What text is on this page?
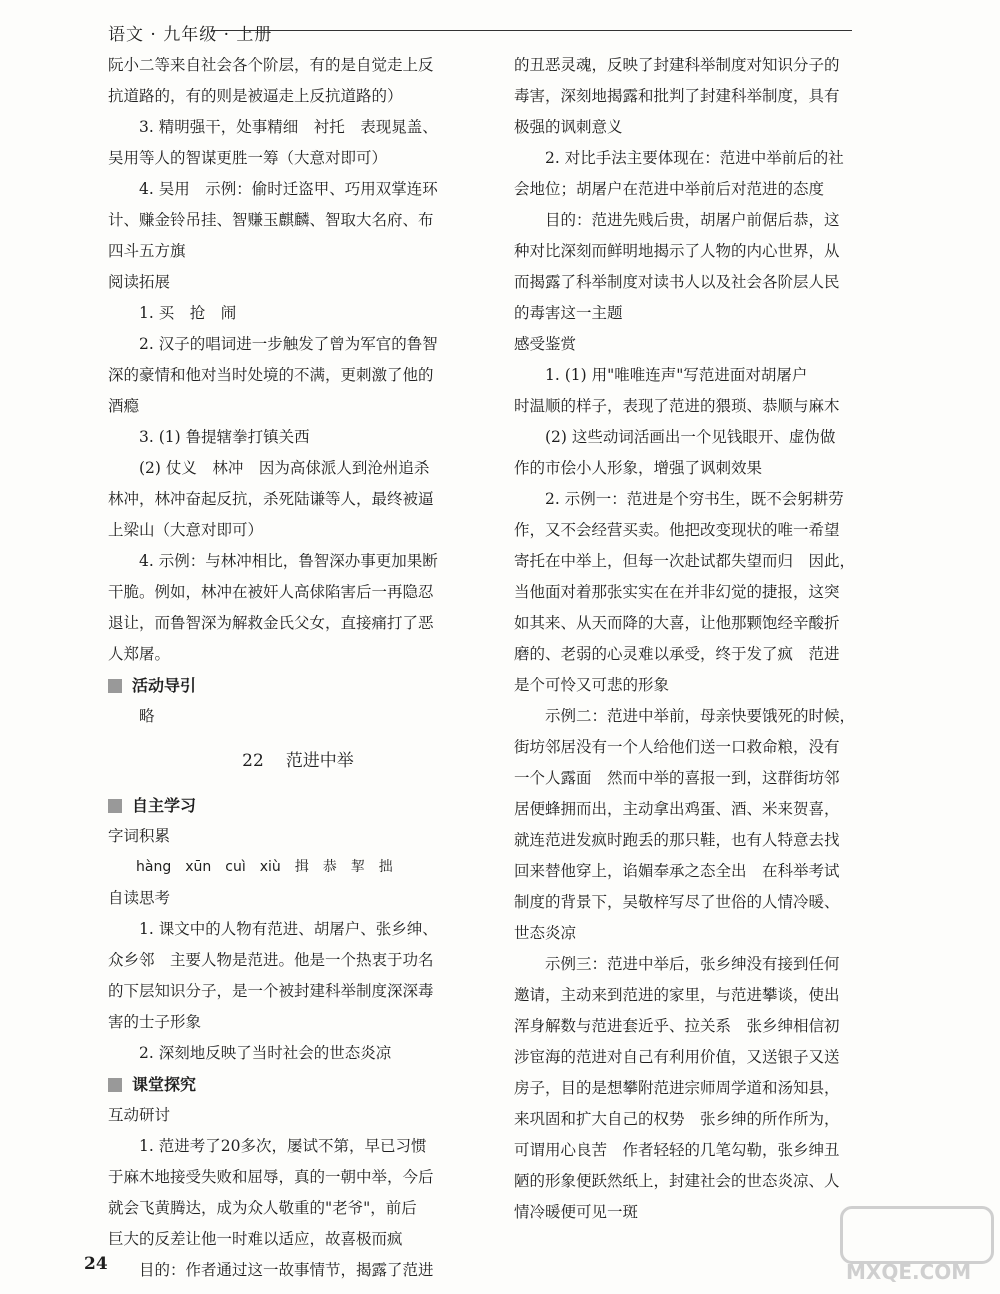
语文 · 九年级 · 上册
阮小二等来自社会各个阶层，有的是自觉走上反
抗道路的，有的则是被逼走上反抗道路的）
3. 精明强干，处事精细　衬托　表现晁盖、
吴用等人的智谋更胜一筹（大意对即可）
4. 吴用　示例：偷时迁盗甲、巧用双掌连环
计、赚金铃吊挂、智赚玉麒麟、智取大名府、布
四斗五方旗
阅读拓展
1. 买　抢　闹
2. 汉子的唱词进一步触发了曾为军官的鲁智
深的豪情和他对当时处境的不满，更刺激了他的
酒瘾
3. (1) 鲁提辖拳打镇关西
(2) 仗义　林冲　因为高俅派人到沧州追杀
林冲，林冲奋起反抗，杀死陆谦等人，最终被逼
上梁山（大意对即可）
4. 示例：与林冲相比，鲁智深办事更加果断
干脆。例如，林冲在被奸人高俅陷害后一再隐忍
退让，而鲁智深为解救金氏父女，直接痛打了恶
人郑屠。
活动导引
略
22 范进中举
自主学习
字词积累
hàng　xūn　cuì　xiù　揖　恭　挈　拙
自读思考
1. 课文中的人物有范进、胡屠户、张乡绅、
众乡邻　主要人物是范进。他是一个热衷于功名
的下层知识分子，是一个被封建科举制度深深毒
害的士子形象
2. 深刻地反映了当时社会的世态炎凉
课堂探究
互动研讨
1. 范进考了20多次，屡试不第，早已习惯
于麻木地接受失败和屈辱，真的一朝中举，今后
就会飞黄腾达，成为众人敬重的"老爷"，前后
巨大的反差让他一时难以适应，故喜极而疯
目的：作者通过这一故事情节，揭露了范进
的丑恶灵魂，反映了封建科举制度对知识分子的
毒害，深刻地揭露和批判了封建科举制度，具有
极强的讽刺意义
2. 对比手法主要体现在：范进中举前后的社
会地位；胡屠户在范进中举前后对范进的态度
目的：范进先贱后贵，胡屠户前倨后恭，这
种对比深刻而鲜明地揭示了人物的内心世界，从
而揭露了科举制度对读书人以及社会各阶层人民
的毒害这一主题
感受鉴赏
1. (1) 用"唯唯连声"写范进面对胡屠户
时温顺的样子，表现了范进的猥琐、恭顺与麻木
(2) 这些动词活画出一个见钱眼开、虚伪做
作的市侩小人形象，增强了讽刺效果
2. 示例一：范进是个穷书生，既不会躬耕劳
作，又不会经营买卖。他把改变现状的唯一希望
寄托在中举上，但每一次赴试都失望而归　因此，
当他面对着那张实实在在并非幻觉的捷报，这突
如其来、从天而降的大喜，让他那颗饱经辛酸折
磨的、老弱的心灵难以承受，终于发了疯　范进
是个可怜又可悲的形象
示例二：范进中举前，母亲快要饿死的时候，
街坊邻居没有一个人给他们送一口救命粮，没有
一个人露面　然而中举的喜报一到，这群街坊邻
居便蜂拥而出，主动拿出鸡蛋、酒、米来贺喜，
就连范进发疯时跑丢的那只鞋，也有人特意去找
回来替他穿上，谄媚奉承之态全出　在科举考试
制度的背景下，吴敬梓写尽了世俗的人情冷暖、
世态炎凉
示例三：范进中举后，张乡绅没有接到任何
邀请，主动来到范进的家里，与范进攀谈，使出
浑身解数与范进套近乎、拉关系　张乡绅相信初
涉宦海的范进对自己有利用价值，又送银子又送
房子，目的是想攀附范进宗师周学道和汤知县，
来巩固和扩大自己的权势　张乡绅的所作所为，
可谓用心良苦　作者轻轻的几笔勾勒，张乡绅丑
陋的形象便跃然纸上，封建社会的世态炎凉、人
情冷暖便可见一斑
24	MXQE.COM
